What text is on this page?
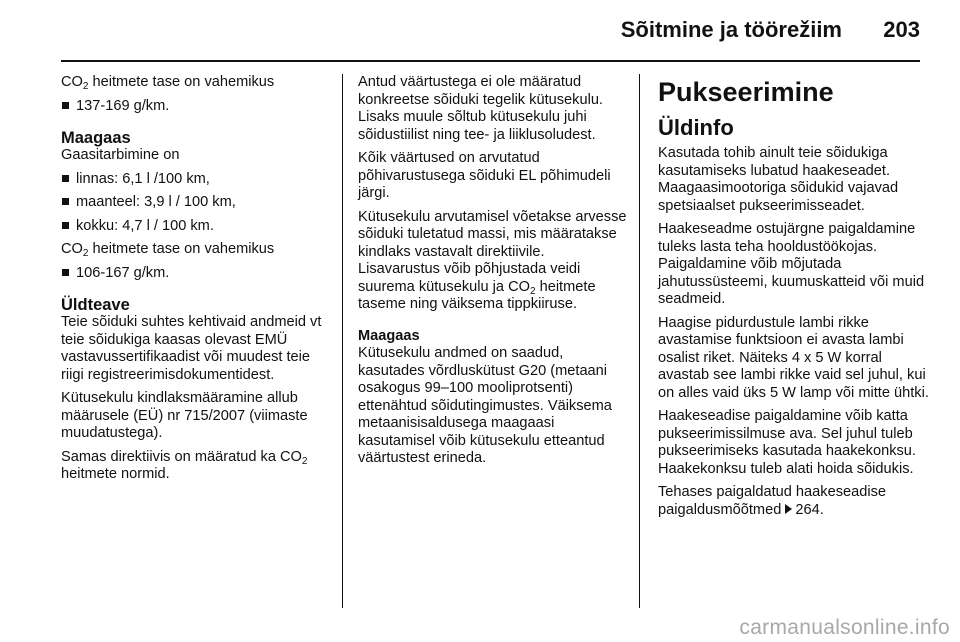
Sõitmine ja töörežiim 203

$CO_2$ heitmete tase on vahemikus

137-169 g/km.
Maagaas

Gaasitarbimine on

linnas: 6,1 l /100 km,
maanteel: 3,9 l / 100 km,
kokku: 4,7 l / 100 km.

$CO_2$ heitmete tase on vahemikus

106-167 g/km.
Üldteave

Teie sõiduki suhtes kehtivaid andmeid vt teie sõidukiga kaasas olevast EMÜ vastavussertifikaadist või muudest teie riigi registreerimisdokumentidest.

Kütusekulu kindlaksmääramine allub määrusele (EÜ) nr 715/2007 (viimaste muudatustega).

Samas direktiivis on määratud ka $CO_2$ heitmete normid.

Antud väärtustega ei ole määratud konkreetse sõiduki tegelik kütusekulu. Lisaks muule sõltub kütusekulu juhi sõidustiilist ning tee- ja liiklusoludest.

Kõik väärtused on arvutatud põhivarustusega sõiduki EL põhimudeli järgi.

Kütusekulu arvutamisel võetakse arvesse sõiduki tuletatud massi, mis määratakse kindlaks vastavalt direktiivile. Lisavarustus võib põhjustada veidi suurema kütusekulu ja $CO_2$ heitmete taseme ning väiksema tippkiiruse.

Maagaas

Kütusekulu andmed on saadud, kasutades võrdluskütust G20 (metaani osakogus 99–100 mooliprotsenti) ettenähtud sõidutingimustes. Väiksema metaanisisaldusega maagaasi kasutamisel võib kütusekulu etteantud väärtustest erineda.

Pukseerimine
Üldinfo

Kasutada tohib ainult teie sõidukiga kasutamiseks lubatud haakeseadet. Maagaasimootoriga sõidukid vajavad spetsiaalset pukseerimisseadet.

Haakeseadme ostujärgne paigaldamine tuleks lasta teha hooldustöökojas. Paigaldamine võib mõjutada jahutussüsteemi, kuumuskatteid või muid seadmeid.

Haagise pidurdustule lambi rikke avastamise funktsioon ei avasta lambi osalist riket. Näiteks 4 x 5 W korral avastab see lambi rikke vaid sel juhul, kui on alles vaid üks 5 W lamp või mitte ühtki.

Haakeseadise paigaldamine võib katta pukseerimissilmuse ava. Sel juhul tuleb pukseerimiseks kasutada haakekonksu. Haakekonksu tuleb alati hoida sõidukis.

Tehases paigaldatud haakeseadise paigaldusmõõtmed 264.

carmanualsonline.info
